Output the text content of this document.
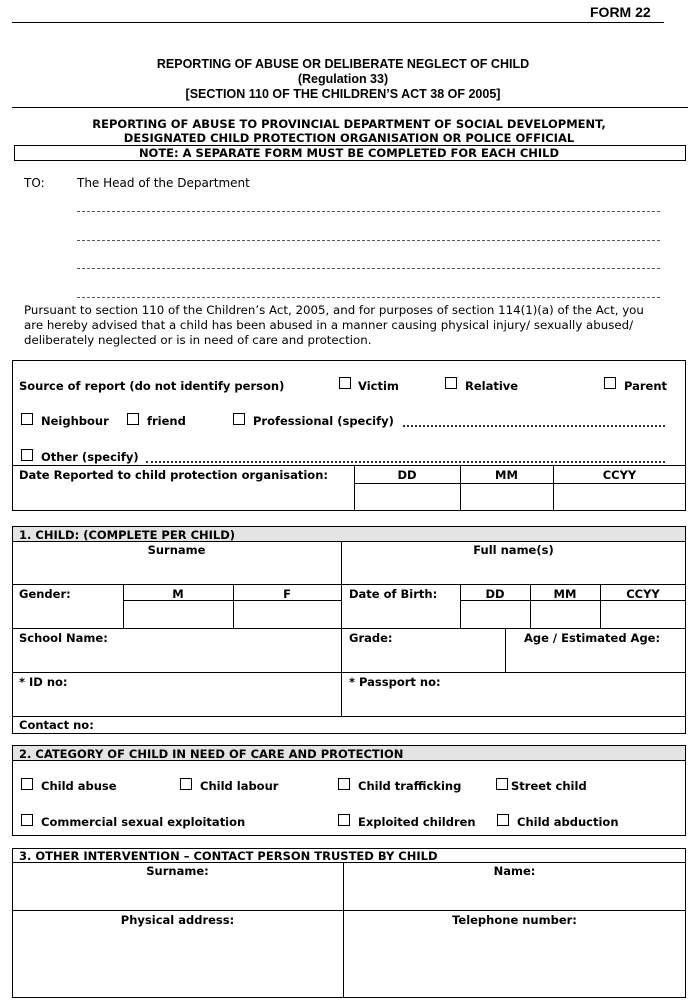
FORM 22
REPORTING OF ABUSE OR DELIBERATE NEGLECT OF CHILD
(Regulation 33)
[SECTION 110 OF THE CHILDREN’S ACT 38 OF 2005]
REPORTING OF ABUSE TO PROVINCIAL DEPARTMENT OF SOCIAL DEVELOPMENT,
DESIGNATED CHILD PROTECTION ORGANISATION OR POLICE OFFICIAL
NOTE: A SEPARATE FORM MUST BE COMPLETED FOR EACH CHILD
TO:	The Head of the Department
Pursuant to section 110 of the Children’s Act, 2005, and for purposes of section 114(1)(a) of the Act, you
are hereby advised that a child has been abused in a manner causing physical injury/ sexually abused/
deliberately neglected or is in need of care and protection.
Source of report (do not identify person)	Victim	Relative	Parent
Neighbour	friend	Professional (specify)
Other (specify)
Date Reported to child protection organisation:	DD	MM	CCYY
1. CHILD: (COMPLETE PER CHILD)
Surname	Full name(s)
Gender:	M	F	Date of Birth:	DD	MM	CCYY
School Name:	Grade:	Age / Estimated Age:
* ID no:	* Passport no:
Contact no:
2. CATEGORY OF CHILD IN NEED OF CARE AND PROTECTION
Child abuse	Child labour	Child trafficking	Street child
Commercial sexual exploitation	Exploited children	Child abduction
3. OTHER INTERVENTION – CONTACT PERSON TRUSTED BY CHILD
Surname:	Name:
Physical address:	Telephone number:
